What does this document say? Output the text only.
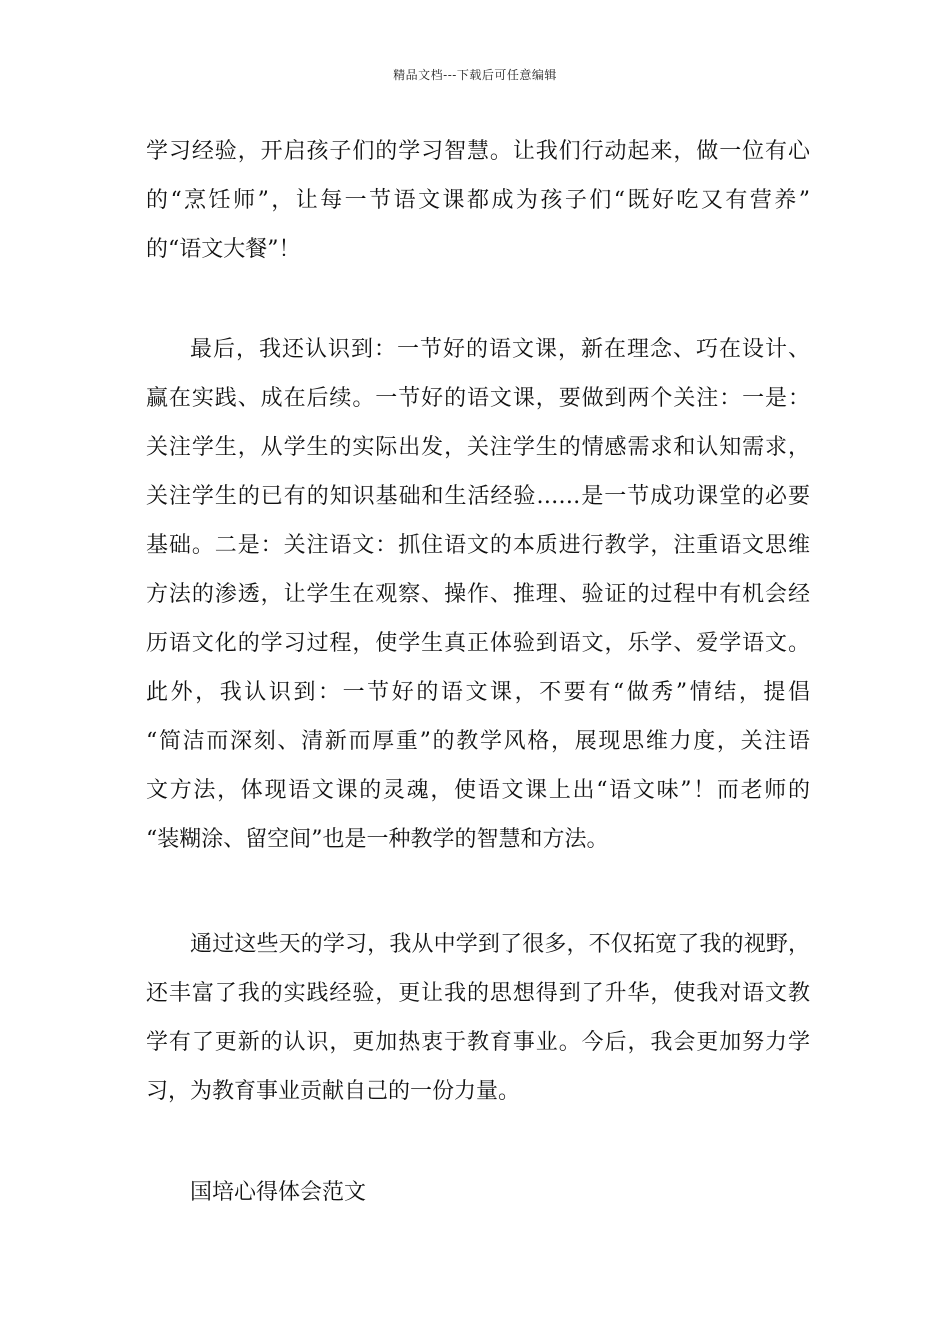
精品文档---下载后可任意编辑
学习经验，开启孩子们的学习智慧。让我们行动起来，做一位有心
的“烹饪师”，让每一节语文课都成为孩子们“既好吃又有营养”
的“语文大餐”！
最后，我还认识到：一节好的语文课，新在理念、巧在设计、
赢在实践、成在后续。一节好的语文课，要做到两个关注：一是：
关注学生，从学生的实际出发，关注学生的情感需求和认知需求，
关注学生的已有的知识基础和生活经验……是一节成功课堂的必要
基础。二是：关注语文：抓住语文的本质进行教学，注重语文思维
方法的渗透，让学生在观察、操作、推理、验证的过程中有机会经
历语文化的学习过程，使学生真正体验到语文，乐学、爱学语文。
此外，我认识到：一节好的语文课，不要有“做秀”情结，提倡
“简洁而深刻、清新而厚重”的教学风格，展现思维力度，关注语
文方法，体现语文课的灵魂，使语文课上出“语文味”！而老师的
“装糊涂、留空间”也是一种教学的智慧和方法。
通过这些天的学习，我从中学到了很多，不仅拓宽了我的视野，
还丰富了我的实践经验，更让我的思想得到了升华，使我对语文教
学有了更新的认识，更加热衷于教育事业。今后，我会更加努力学
习，为教育事业贡献自己的一份力量。
国培心得体会范文
